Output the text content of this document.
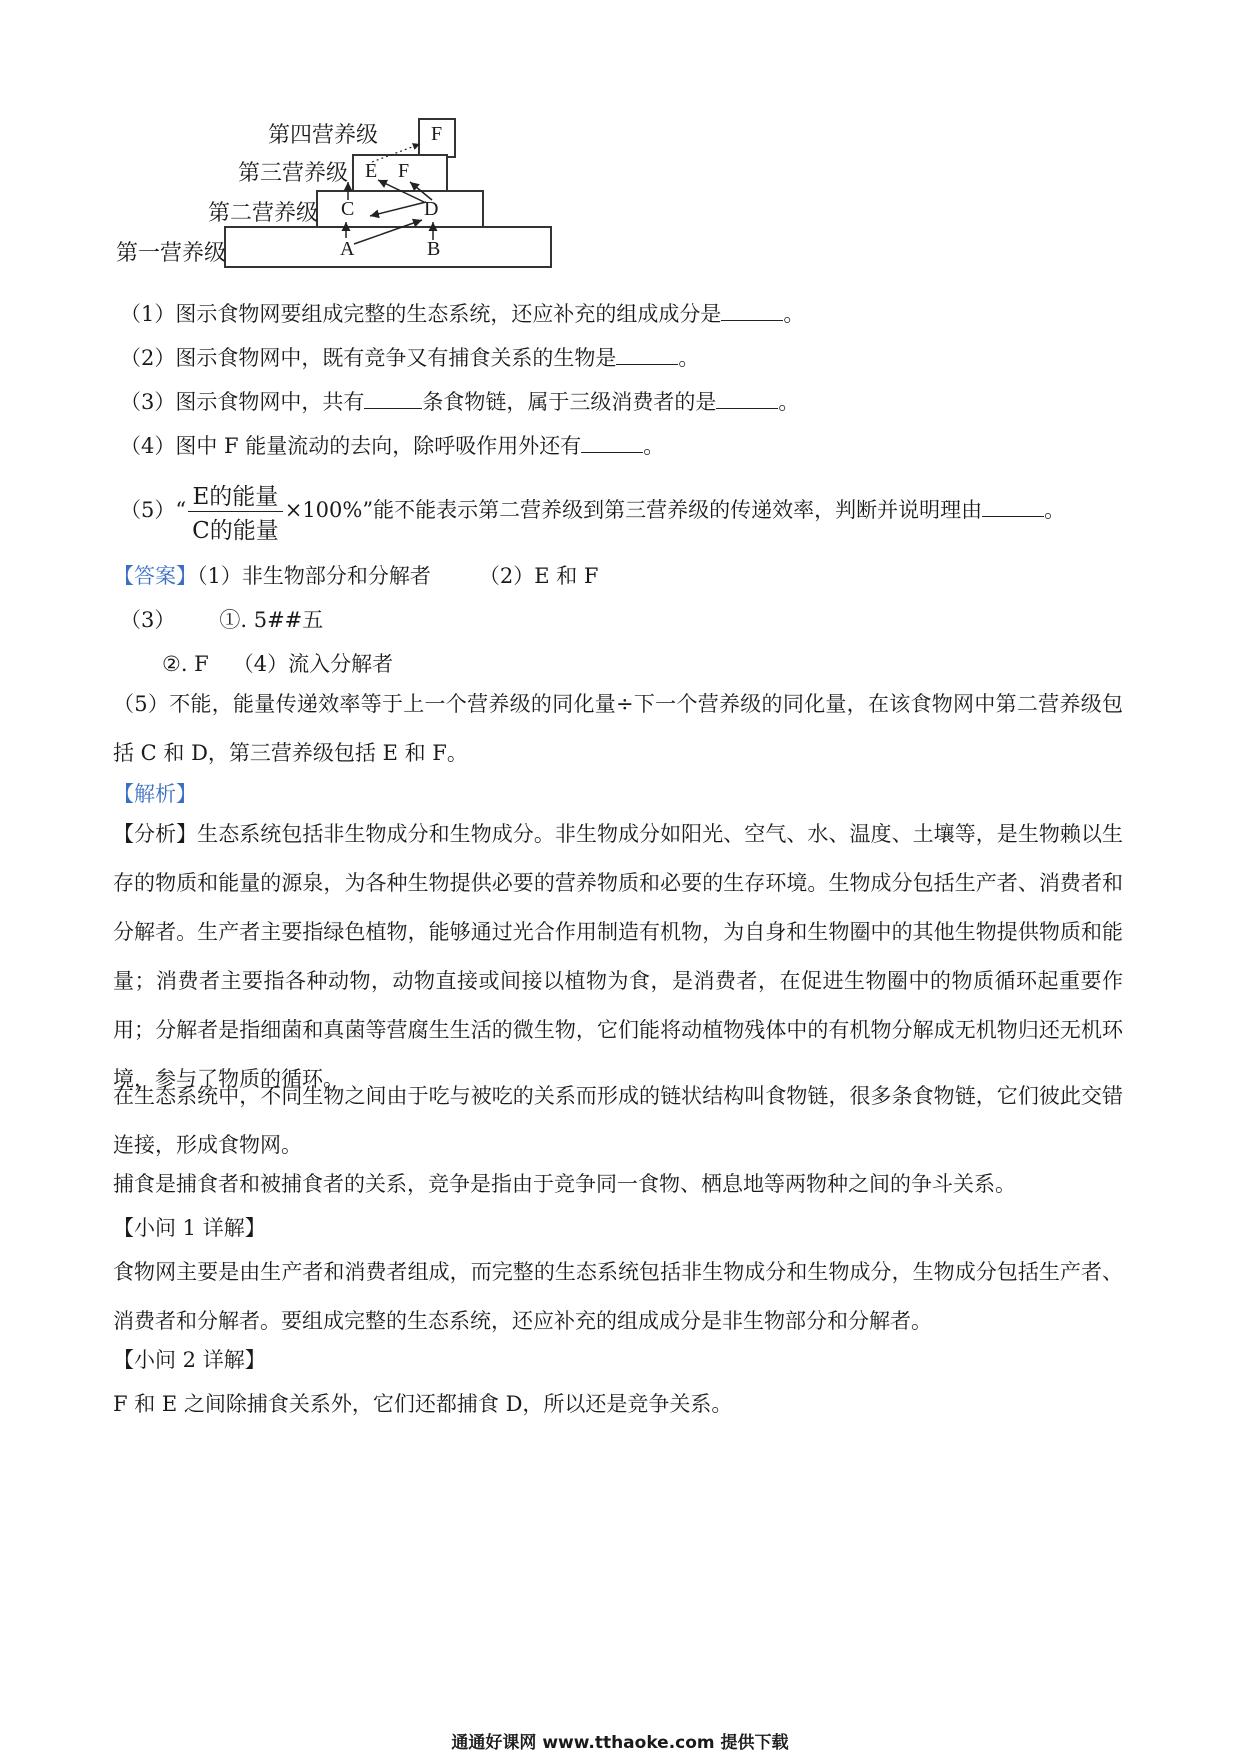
第四营养级
第三营养级
第二营养级
第一营养级
F
E F
C	D
A	B
（1）图示食物网要组成完整的生态系统，还应补充的组成成分是	。
（2）图示食物网中，既有竞争又有捕食关系的生物是	。
（3）图示食物网中，共有	条食物链，属于三级消费者的是	。
（4）图中 F 能量流动的去向，除呼吸作用外还有	。
（5）“ $\frac{\text{E的能量}}{\text{C的能量}} \times 100\%$”能不能表示第二营养级到第三营养级的传递效率，判断并说明理由	。
【答案】（1）非生物部分和分解者 （2）E 和 F
（3） ①. 5##五
②. F （4）流入分解者
（5）不能，能量传递效率等于上一个营养级的同化量÷下一个营养级的同化量，在该食物网中第二营养级包括 C 和 D，第三营养级包括 E 和 F。
【解析】
【分析】生态系统包括非生物成分和生物成分。非生物成分如阳光、空气、水、温度、土壤等，是生物赖以生存的物质和能量的源泉，为各种生物提供必要的营养物质和必要的生存环境。生物成分包括生产者、消费者和分解者。生产者主要指绿色植物，能够通过光合作用制造有机物，为自身和生物圈中的其他生物提供物质和能量；消费者主要指各种动物，动物直接或间接以植物为食，是消费者，在促进生物圈中的物质循环起重要作用；分解者是指细菌和真菌等营腐生生活的微生物，它们能将动植物残体中的有机物分解成无机物归还无机环境，参与了物质的循环。
在生态系统中，不同生物之间由于吃与被吃的关系而形成的链状结构叫食物链，很多条食物链，它们彼此交错连接，形成食物网。
捕食是捕食者和被捕食者的关系，竞争是指由于竞争同一食物、栖息地等两物种之间的争斗关系。
【小问 1 详解】
食物网主要是由生产者和消费者组成，而完整的生态系统包括非生物成分和生物成分，生物成分包括生产者、消费者和分解者。要组成完整的生态系统，还应补充的组成成分是非生物部分和分解者。
【小问 2 详解】
F 和 E 之间除捕食关系外，它们还都捕食 D，所以还是竞争关系。
通通好课网 www.tthaoke.com 提供下载
